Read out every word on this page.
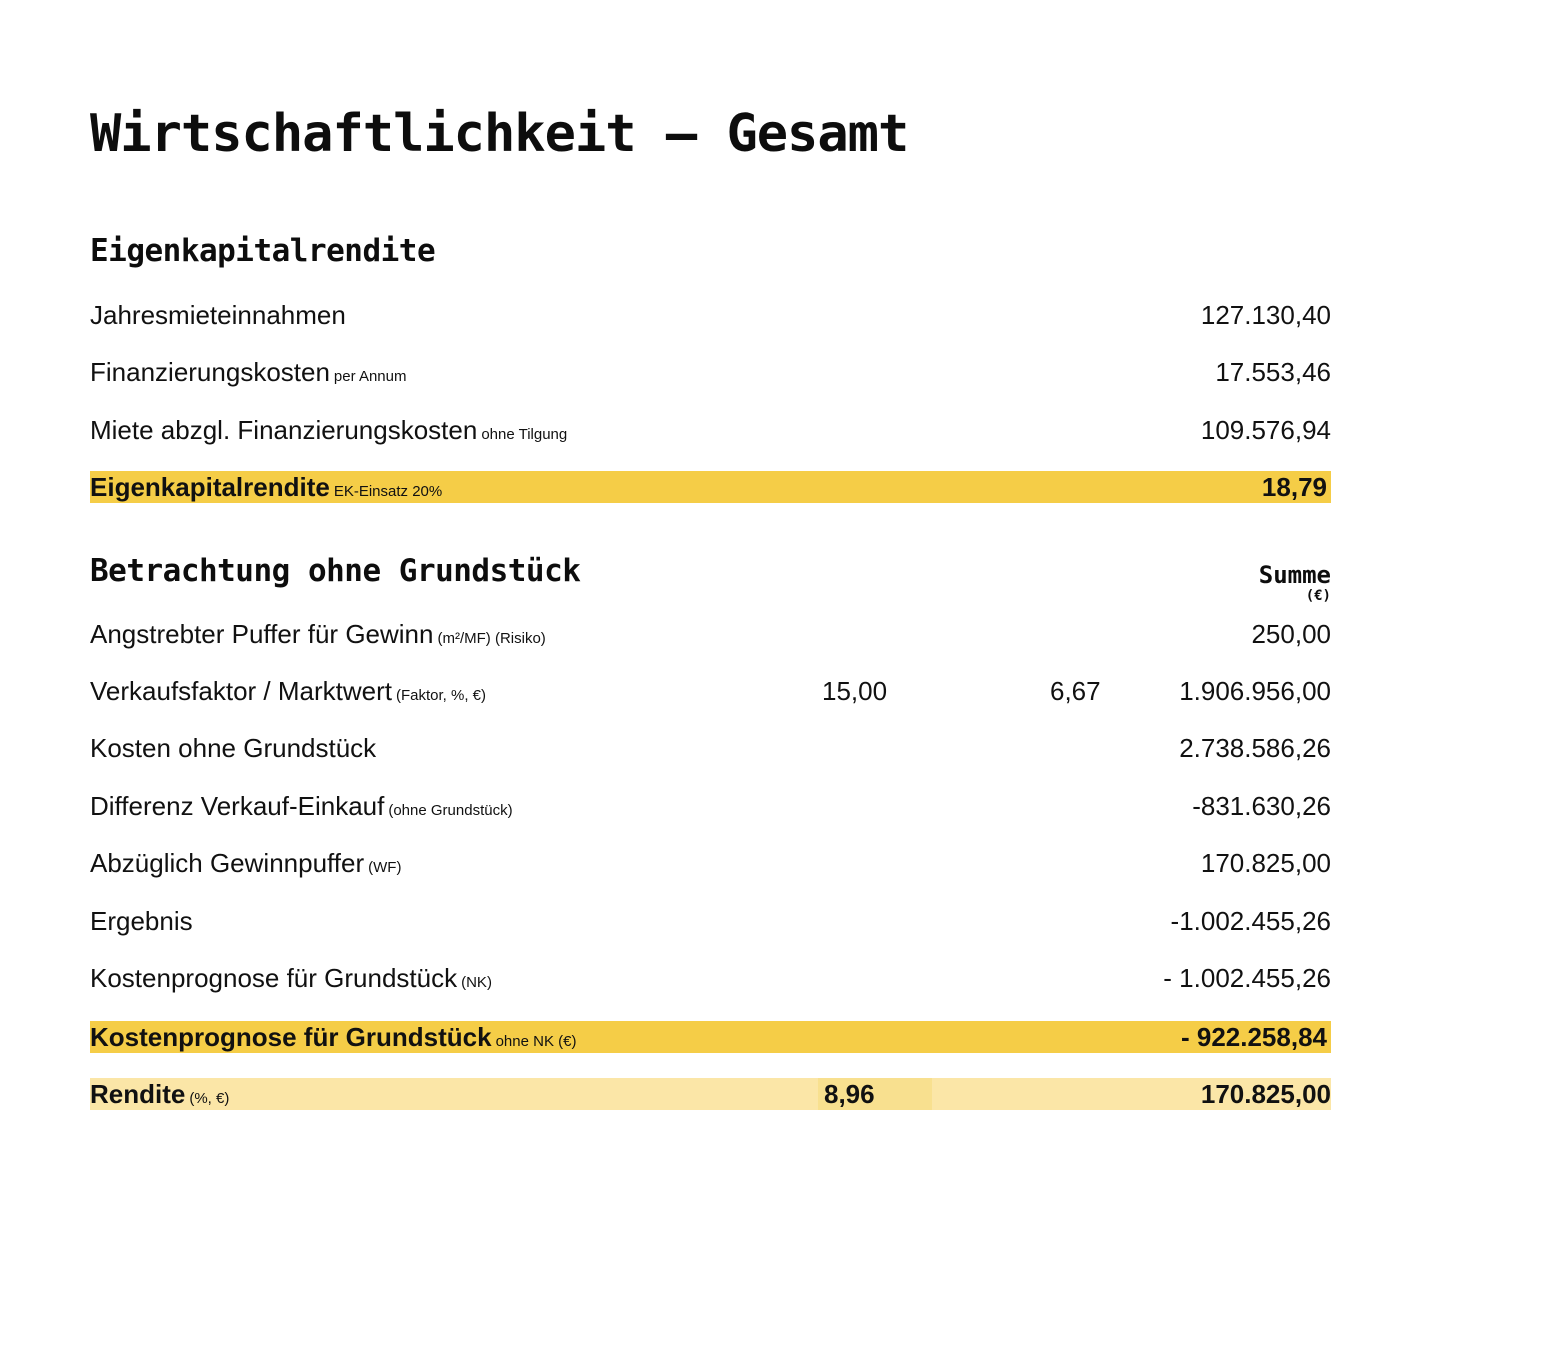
Wirtschaftlichkeit – Gesamt
Eigenkapitalrendite
Jahresmieteinnahmen	127.130,40
Finanzierungskosten per Annum	17.553,46
Miete abzgl. Finanzierungskosten ohne Tilgung	109.576,94
Eigenkapitalrendite EK-Einsatz 20%	18,79
Betrachtung ohne Grundstück	Summe
(€)
Angstrebter Puffer für Gewinn (m²/MF) (Risiko)	250,00
Verkaufsfaktor / Marktwert (Faktor, %, €)	15,00	6,67	1.906.956,00
Kosten ohne Grundstück	2.738.586,26
Differenz Verkauf-Einkauf (ohne Grundstück)	-831.630,26
Abzüglich Gewinnpuffer (WF)	170.825,00
Ergebnis	-1.002.455,26
Kostenprognose für Grundstück (NK)	- 1.002.455,26
Kostenprognose für Grundstück ohne NK (€)	- 922.258,84
Rendite (%, €)	8,96	170.825,00
